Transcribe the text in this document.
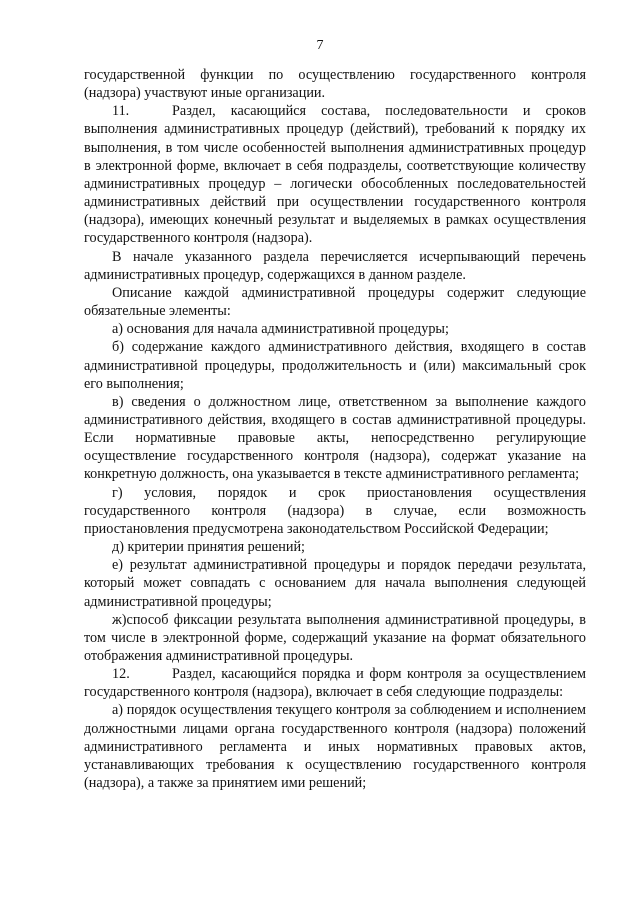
7

государственной функции по осуществлению государственного контроля (надзора) участвуют иные организации.

11.	Раздел, касающийся состава, последовательности и сроков выполнения административных процедур (действий), требований к порядку их выполнения, в том числе особенностей выполнения административных процедур в электронной форме, включает в себя подразделы, соответствующие количеству административных процедур – логически обособленных последовательностей административных действий при осуществлении государственного контроля (надзора), имеющих конечный результат и выделяемых в рамках осуществления государственного контроля (надзора).

В начале указанного раздела перечисляется исчерпывающий перечень административных процедур, содержащихся в данном разделе.

Описание каждой административной процедуры содержит следующие обязательные элементы:

а) основания для начала административной процедуры;

б) содержание каждого административного действия, входящего в состав административной процедуры, продолжительность и (или) максимальный срок его выполнения;

в) сведения о должностном лице, ответственном за выполнение каждого административного действия, входящего в состав административной процедуры. Если нормативные правовые акты, непосредственно регулирующие осуществление государственного контроля (надзора), содержат указание на конкретную должность, она указывается в тексте административного регламента;

г) условия, порядок и срок приостановления осуществления государственного контроля (надзора) в случае, если возможность приостановления предусмотрена законодательством Российской Федерации;

д) критерии принятия решений;

е) результат административной процедуры и порядок передачи результата, который может совпадать с основанием для начала выполнения следующей административной процедуры;

ж)способ фиксации результата выполнения административной процедуры, в том числе в электронной форме, содержащий указание на формат обязательного отображения административной процедуры.

12.	Раздел, касающийся порядка и форм контроля за осуществлением государственного контроля (надзора), включает в себя следующие подразделы:

а) порядок осуществления текущего контроля за соблюдением и исполнением должностными лицами органа государственного контроля (надзора) положений административного регламента и иных нормативных правовых актов, устанавливающих требования к осуществлению государственного контроля (надзора), а также за принятием ими решений;
